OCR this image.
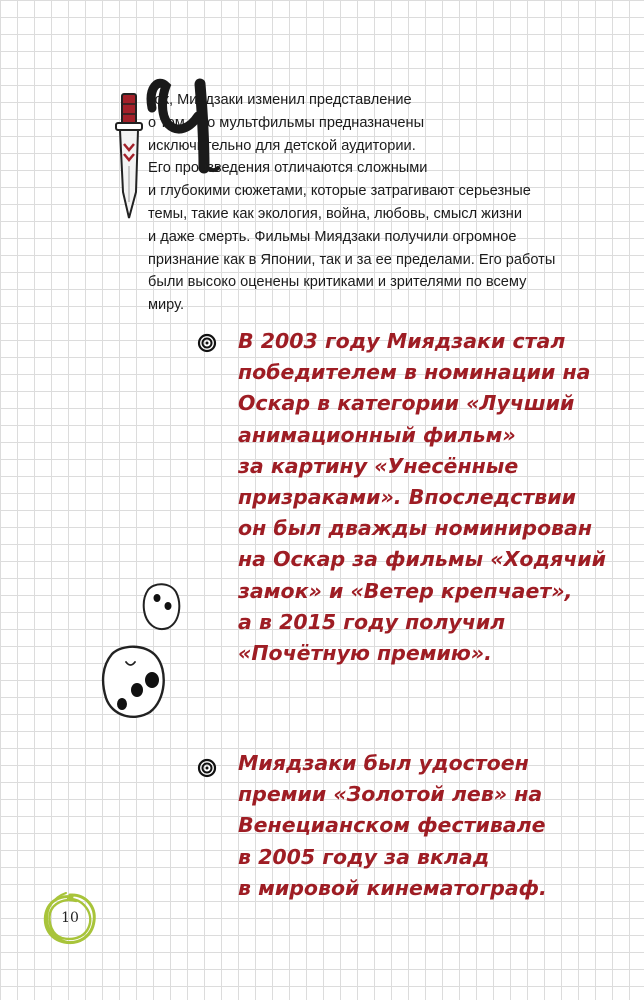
Ч
ток, Миядзаки изменил представление
о том, что мультфильмы предназначены
исключительно для детской аудитории.
Его произведения отличаются сложными
и глубокими сюжетами, которые затрагивают серьезные
темы, такие как экология, война, любовь, смысл жизни
и даже смерть. Фильмы Миядзаки получили огромное
признание как в Японии, так и за ее пределами. Его работы
были высоко оценены критиками и зрителями по всему
миру.
В 2003 году Миядзаки стал
победителем в номинации на
Оскар в категории «Лучший
анимационный фильм»
за картину «Унесённые
призраками». Впоследствии
он был дважды номинирован
на Оскар за фильмы «Ходячий
замок» и «Ветер крепчает»,
а в 2015 году получил
«Почётную премию».
Миядзаки был удостоен
премии «Золотой лев» на
Венецианском фестивале
в 2005 году за вклад
в мировой кинематограф.
10
